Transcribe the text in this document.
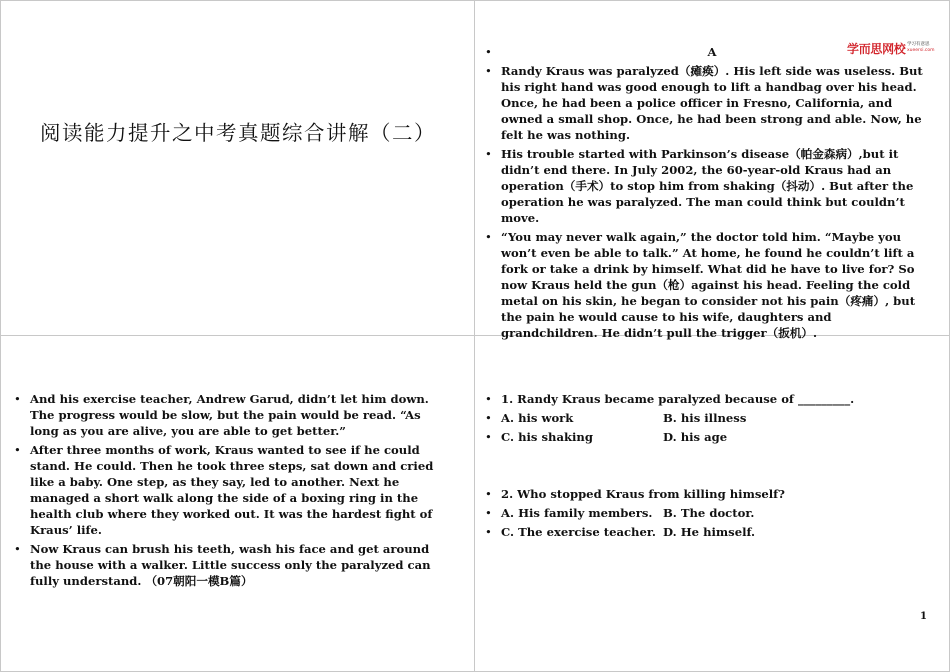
阅读能力提升之中考真题综合讲解（二）
学而思网校 学习有意思
xueersi.com
•	A
• Randy Kraus was paralyzed（瘫痪）. His left side was useless. But his right hand was good enough to lift a handbag over his head. Once, he had been a police officer in Fresno, California, and owned a small shop. Once, he had been strong and able. Now, he felt he was nothing.
• His trouble started with Parkinson’s disease（帕金森病）,but it didn’t end there. In July 2002, the 60-year-old Kraus had an operation（手术）to stop him from shaking（抖动）. But after the operation he was paralyzed. The man could think but couldn’t move.
• “You may never walk again,” the doctor told him. “Maybe you won’t even be able to talk.” At home, he found he couldn’t lift a fork or take a drink by himself. What did he have to live for? So now Kraus held the gun（枪）against his head. Feeling the cold metal on his skin, he began to consider not his pain（疼痛）, but the pain he would cause to his wife, daughters and grandchildren. He didn’t pull the trigger（扳机）.
• And his exercise teacher, Andrew Garud, didn’t let him down. The progress would be slow, but the pain would be read. “As long as you are alive, you are able to get better.”
• After three months of work, Kraus wanted to see if he could stand. He could. Then he took three steps, sat down and cried like a baby. One step, as they say, led to another. Next he managed a short walk along the side of a boxing ring in the health club where they worked out. It was the hardest fight of Kraus’ life.
• Now Kraus can brush his teeth, wash his face and get around the house with a walker. Little success only the paralyzed can fully understand. （07朝阳一模B篇）
• 1. Randy Kraus became paralyzed because of _________.
• A. his work	B. his illness
• C. his shaking	D. his age
• 2. Who stopped Kraus from killing himself?
• A. His family members. B. The doctor.
• C. The exercise teacher. D. He himself.
1
